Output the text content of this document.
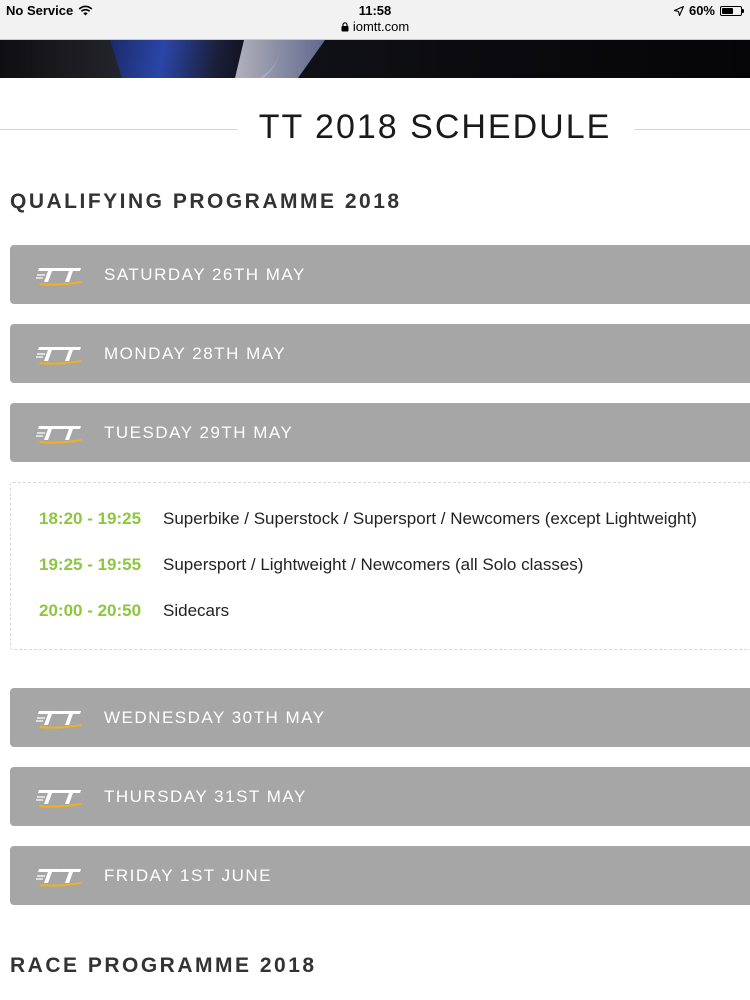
No Service	11:58
iomtt.com
60%
TT 2018 SCHEDULE
QUALIFYING PROGRAMME 2018
SATURDAY 26TH MAY
MONDAY 28TH MAY
TUESDAY 29TH MAY
18:20 - 19:25	Superbike / Superstock / Supersport / Newcomers (except Lightweight)
19:25 - 19:55	Supersport / Lightweight / Newcomers (all Solo classes)
20:00 - 20:50	Sidecars
WEDNESDAY 30TH MAY
THURSDAY 31ST MAY
FRIDAY 1ST JUNE
RACE PROGRAMME 2018
